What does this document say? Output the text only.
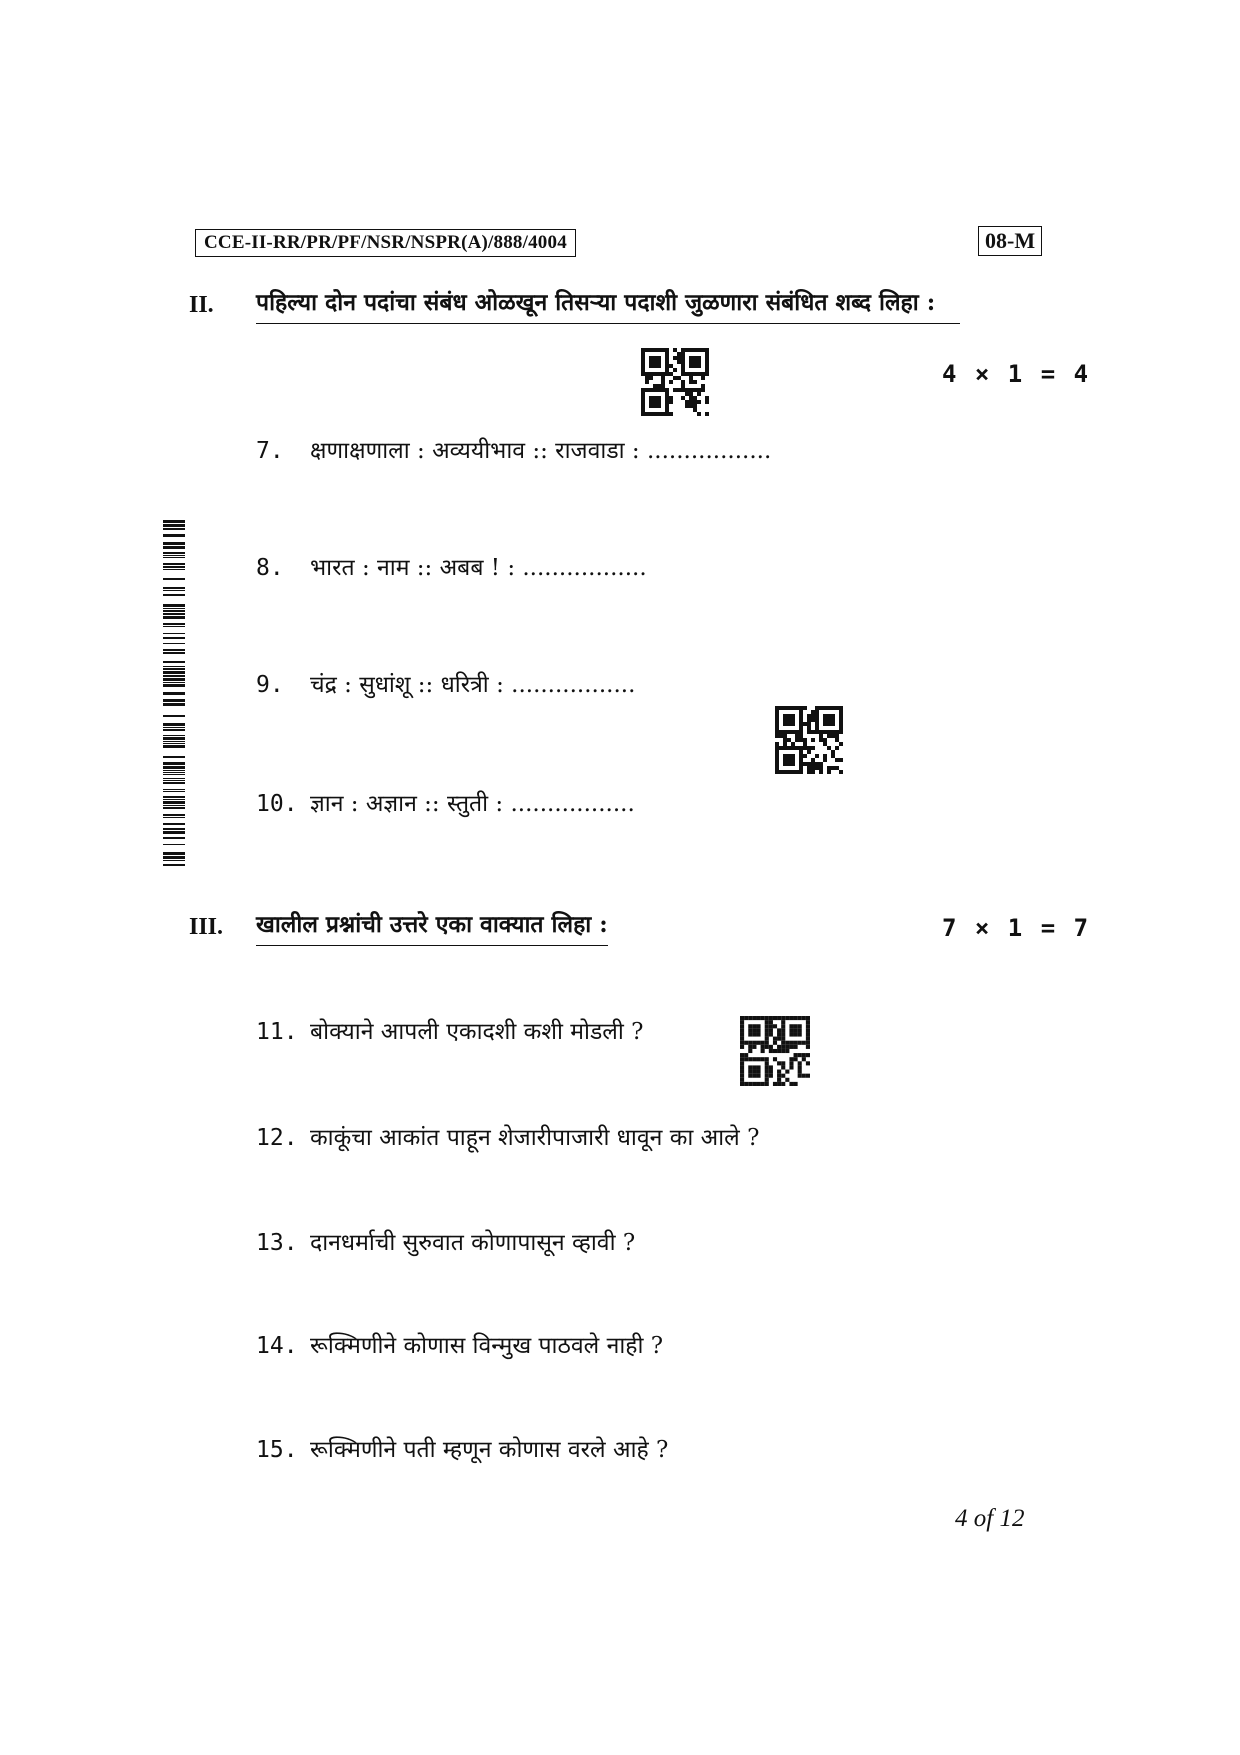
CCE-II-RR/PR/PF/NSR/NSPR(A)/888/4004	08-M
II. पहिल्या दोन पदांचा संबंध ओळखून तिसऱ्या पदाशी जुळणारा संबंधित शब्द लिहा :
4 × 1 = 4
7. क्षणाक्षणाला : अव्ययीभाव :: राजवाडा : .................
8. भारत : नाम :: अबब ! : .................
9. चंद्र : सुधांशू :: धरित्री : .................
10. ज्ञान : अज्ञान :: स्तुती : .................
III. खालील प्रश्नांची उत्तरे एका वाक्यात लिहा :	7 × 1 = 7
11. बोक्याने आपली एकादशी कशी मोडली ?
12. काकूंचा आकांत पाहून शेजारीपाजारी धावून का आले ?
13. दानधर्माची सुरुवात कोणापासून व्हावी ?
14. रूक्मिणीने कोणास विन्मुख पाठवले नाही ?
15. रूक्मिणीने पती म्हणून कोणास वरले आहे ?
4 of 12
